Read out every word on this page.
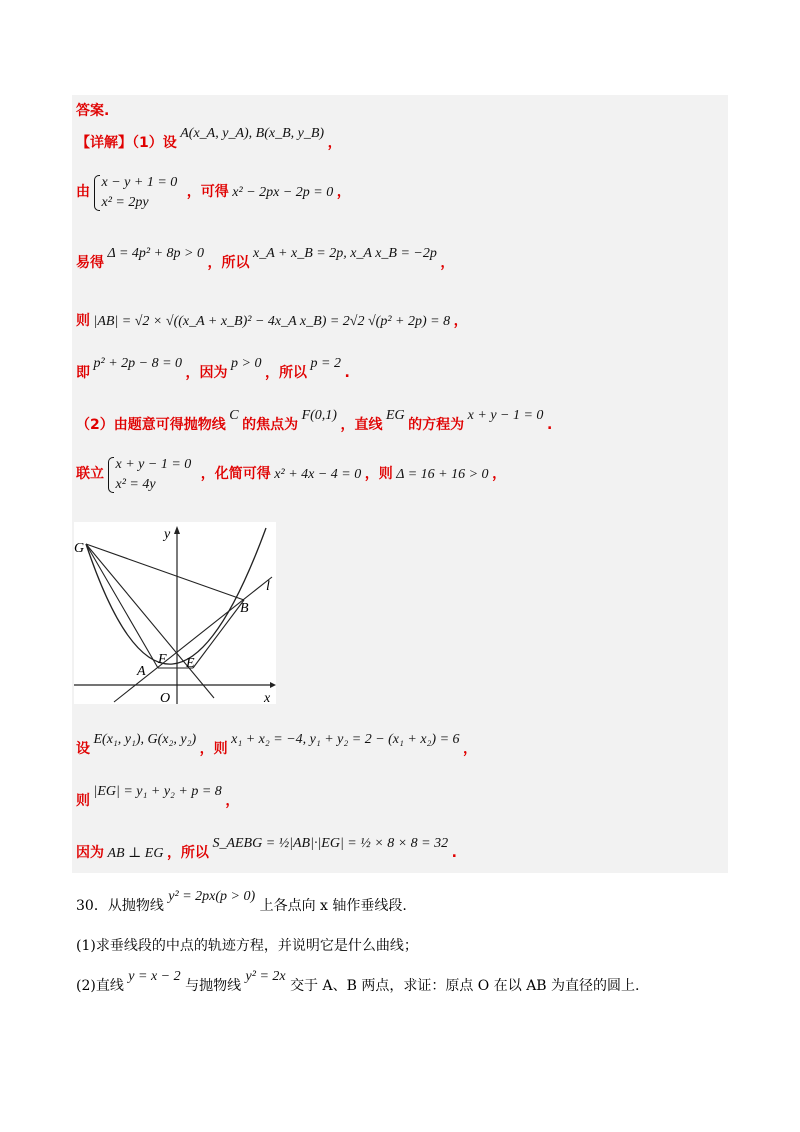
答案.
【详解】（1）设 A(x_A, y_A), B(x_B, y_B) ，
由
x − y + 1 = 0
x² = 2py
，可得 x² − 2px − 2p = 0 ，
易得 Δ = 4p² + 8p > 0 ，所以 x_A + x_B = 2p, x_A x_B = −2p ，
则 |AB| = √2 × √((x_A + x_B)² − 4x_A x_B) = 2√2 √(p² + 2p) = 8 ，
即 p² + 2p − 8 = 0 ，因为 p > 0 ，所以 p = 2 .
（2）由题意可得抛物线 C 的焦点为 F(0,1) ，直线 EG 的方程为 x + y − 1 = 0 .
联立
x + y − 1 = 0
x² = 4y
，化简可得 x² + 4x − 4 = 0 ，则 Δ = 16 + 16 > 0 ，
y
x
O
G
B
A
F E
l
设 E(x₁, y₁), G(x₂, y₂) ，则 x₁ + x₂ = −4, y₁ + y₂ = 2 − (x₁ + x₂) = 6 ，
则 |EG| = y₁ + y₂ + p = 8 ，
因为 AB ⊥ EG ，所以 S_AEBG = ½|AB|·|EG| = ½ × 8 × 8 = 32 .
30．从抛物线 y² = 2px(p > 0) 上各点向 x 轴作垂线段.
(1)求垂线段的中点的轨迹方程，并说明它是什么曲线；
(2)直线 y = x − 2 与抛物线 y² = 2x 交于 A、B 两点，求证：原点 O 在以 AB 为直径的圆上.
